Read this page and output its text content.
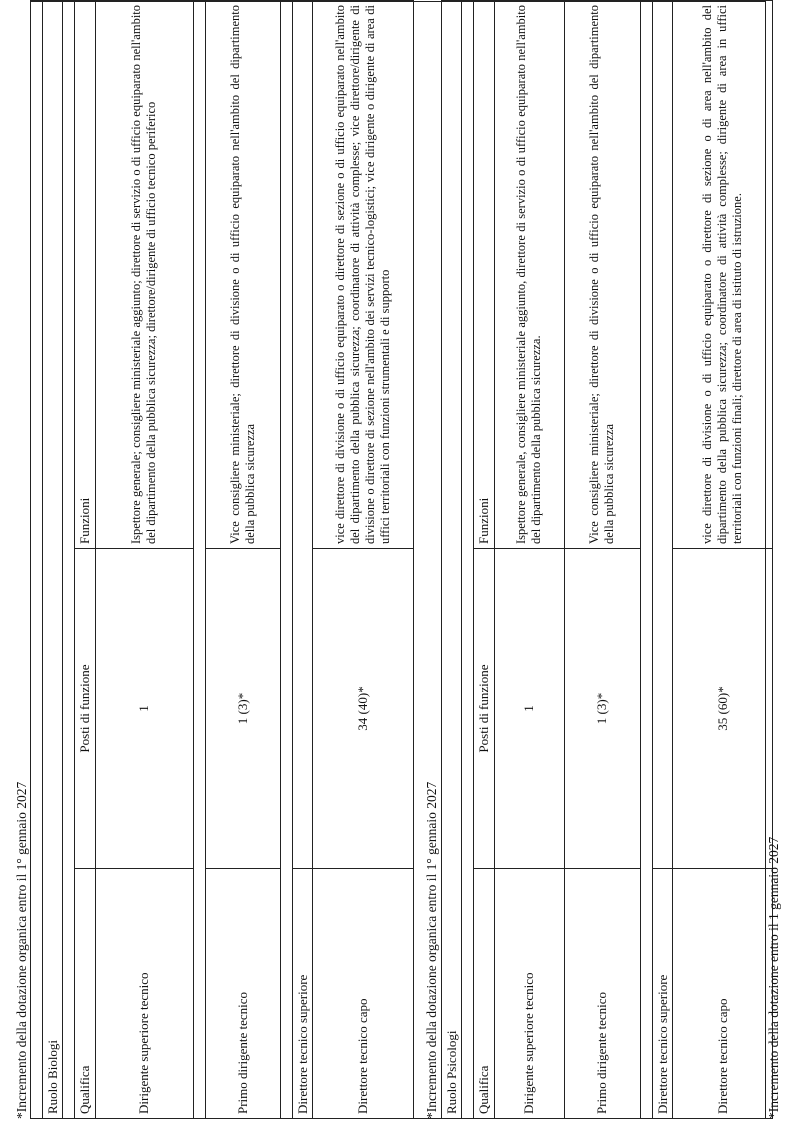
*Incremento della dotazione organica entro il 1° gennaio 2027 Ruolo Biologi		

Qualifica	Posti di funzione	Funzioni
Dirigente superiore tecnico	1	Ispettore generale; consigliere ministeriale aggiunto; direttore di servizio o di ufficio equiparato nell'ambito del dipartimento della pubblica sicurezza; direttore/dirigente di ufficio tecnico periferico

Primo dirigente tecnico	1 (3)*	Vice consigliere ministeriale; direttore di divisione o di ufficio equiparato nell'ambito del dipartimento della pubblica sicurezza

Direttore tecnico superiore		
Direttore tecnico capo	34 (40)*	vice direttore di divisione o di ufficio equiparato o direttore di sezione o di ufficio equiparato nell'ambito del dipartimento della pubblica sicurezza; coordinatore di attività complesse; vice direttore/dirigente di divisione o direttore di sezione nell'ambito dei servizi tecnico-logistici; vice dirigente o dirigente di area di uffici territoriali con funzioni strumentali e di supporto
*Incremento della dotazione organica entro il 1° gennaio 2027 Ruolo Psicologi		

Qualifica	Posti di funzione	Funzioni
Dirigente superiore tecnico	1	Ispettore generale, consigliere ministeriale aggiunto, direttore di servizio o di ufficio equiparato nell'ambito del dipartimento della pubblica sicurezza.
Primo dirigente tecnico	1 (3)*	Vice consigliere ministeriale; direttore di divisione o di ufficio equiparato nell'ambito del dipartimento della pubblica sicurezza

Direttore tecnico superiore		
Direttore tecnico capo	35 (60)*	vice direttore di divisione o di ufficio equiparato o direttore di sezione o di area nell'ambito del dipartimento della pubblica sicurezza; coordinatore di attività complesse; dirigente di area in uffici territoriali con funzioni finali; direttore di area di istituto di istruzione.
*Incremento della dotazione entro il 1 gennaio 2027
